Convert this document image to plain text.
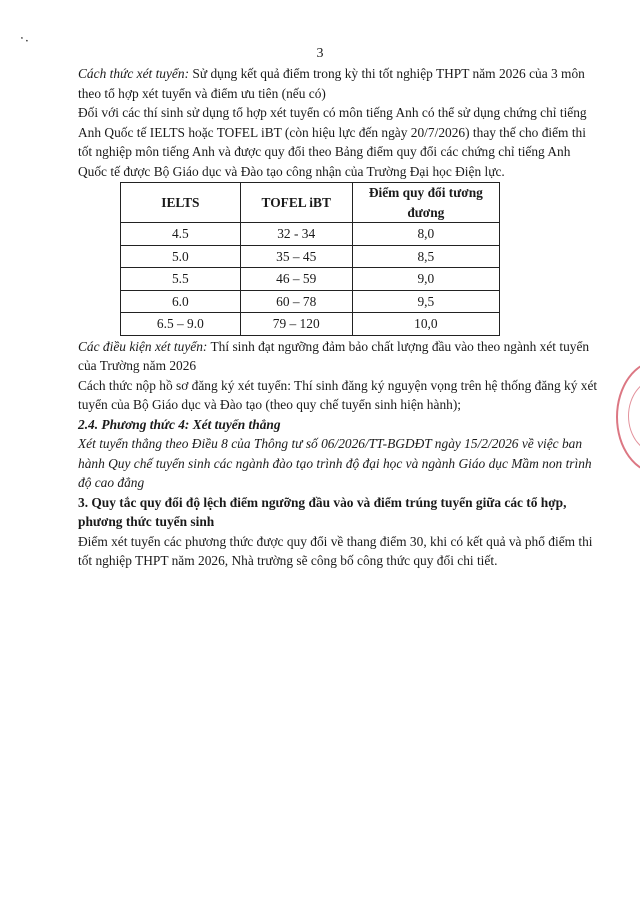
·.
3

Cách thức xét tuyển: Sử dụng kết quả điểm trong kỳ thi tốt nghiệp THPT năm 2026 của 3 môn theo tổ hợp xét tuyển và điểm ưu tiên (nếu có)

Đối với các thí sinh sử dụng tổ hợp xét tuyển có môn tiếng Anh có thể sử dụng chứng chỉ tiếng Anh Quốc tế IELTS hoặc TOFEL iBT (còn hiệu lực đến ngày 20/7/2026) thay thế cho điểm thi tốt nghiệp môn tiếng Anh và được quy đổi theo Bảng điểm quy đổi các chứng chỉ tiếng Anh Quốc tế được Bộ Giáo dục và Đào tạo công nhận của Trường Đại học Điện lực.

IELTS	TOFEL iBT	Điểm quy đổi tương đương
4.5	32 - 34	8,0
5.0	35 – 45	8,5
5.5	46 – 59	9,0
6.0	60 – 78	9,5
6.5 – 9.0	79 – 120	10,0

Các điều kiện xét tuyển: Thí sinh đạt ngưỡng đảm bảo chất lượng đầu vào theo ngành xét tuyển của Trường năm 2026

Cách thức nộp hồ sơ đăng ký xét tuyển: Thí sinh đăng ký nguyện vọng trên hệ thống đăng ký xét tuyển của Bộ Giáo dục và Đào tạo (theo quy chế tuyển sinh hiện hành);

2.4. Phương thức 4: Xét tuyển thẳng

Xét tuyển thẳng theo Điều 8 của Thông tư số 06/2026/TT-BGDĐT ngày 15/2/2026 về việc ban hành Quy chế tuyển sinh các ngành đào tạo trình độ đại học và ngành Giáo dục Mầm non trình độ cao đẳng

3. Quy tắc quy đổi độ lệch điểm ngưỡng đầu vào và điểm trúng tuyển giữa các tổ hợp, phương thức tuyển sinh

Điểm xét tuyển các phương thức được quy đổi về thang điểm 30, khi có kết quả và phổ điểm thi tốt nghiệp THPT năm 2026, Nhà trường sẽ công bố công thức quy đổi chi tiết.
